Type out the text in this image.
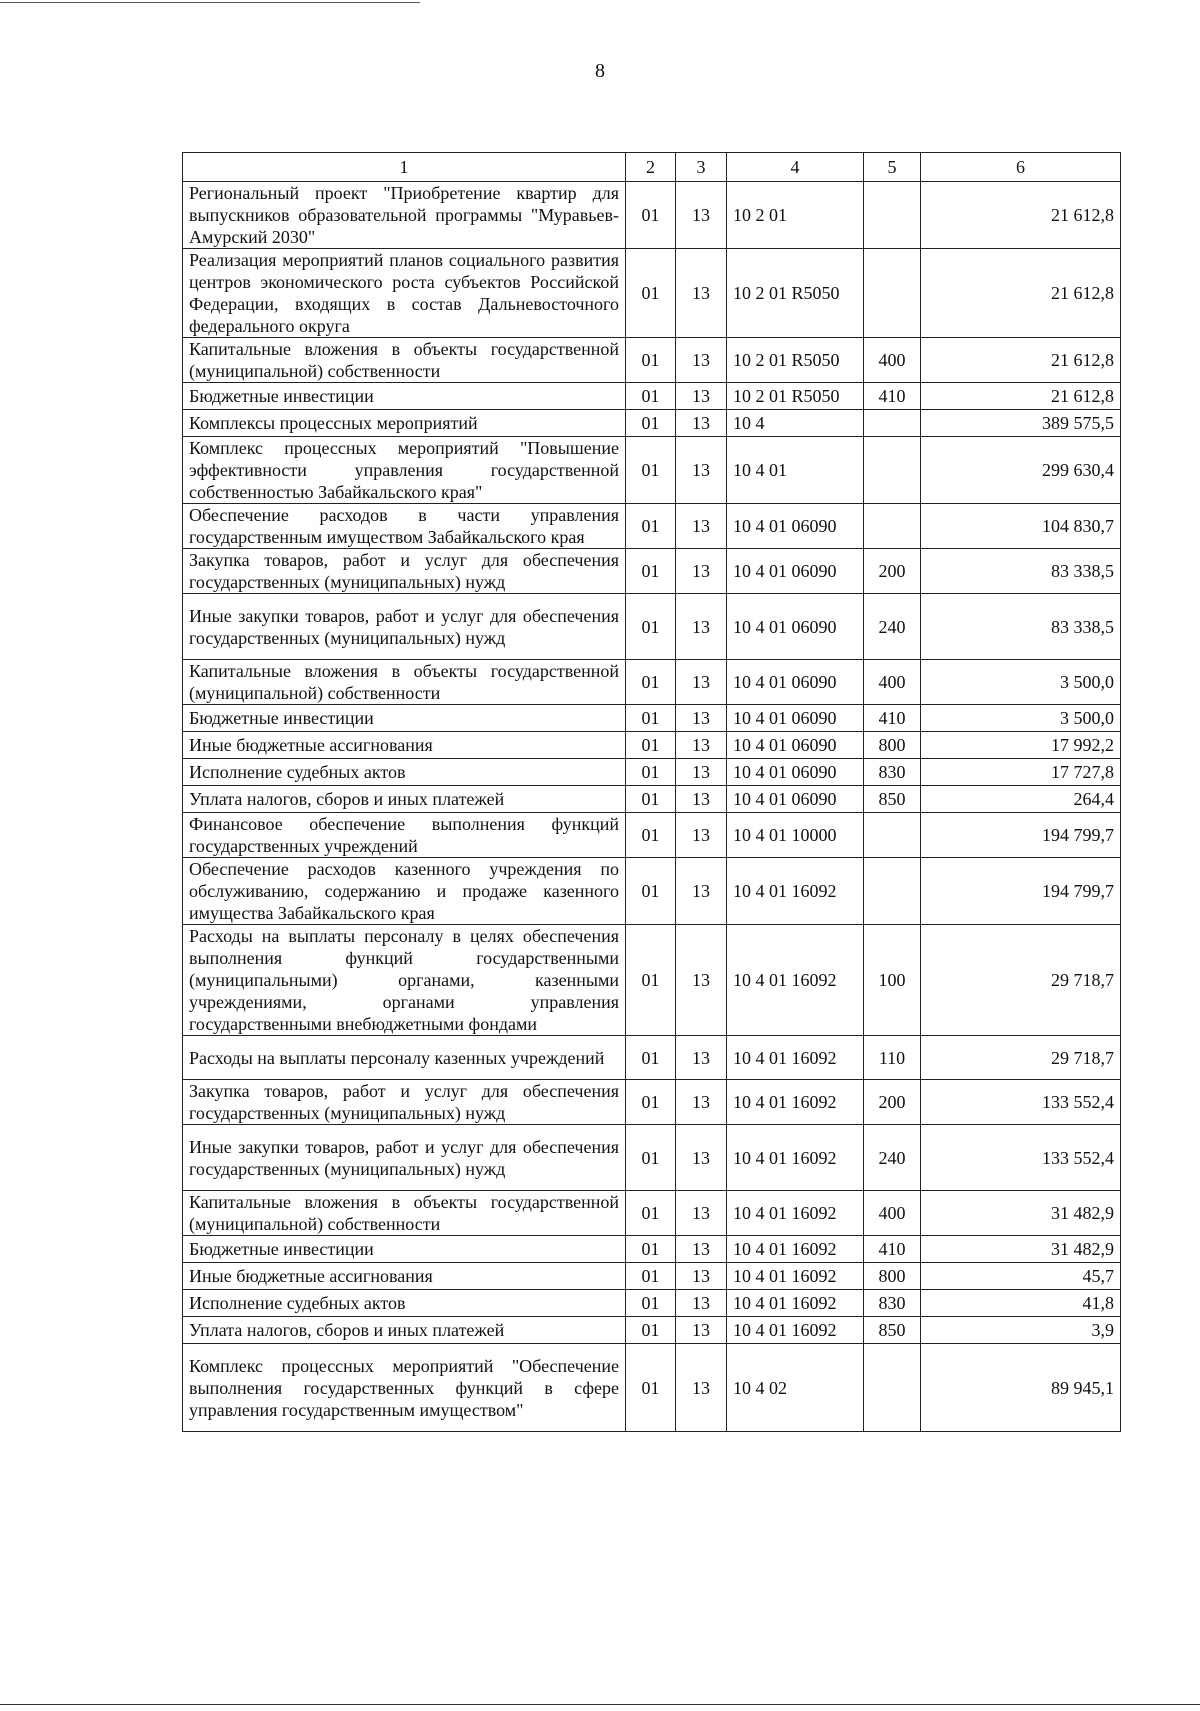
8
1	2	3	4	5	6
Региональный проект "Приобретение квартир для выпускников образовательной программы "Муравьев-Амурский 2030"	01	13	10 2 01		21 612,8
Реализация мероприятий планов социального развития центров экономического роста субъектов Российской Федерации, входящих в состав Дальневосточного федерального округа	01	13	10 2 01 R5050		21 612,8
Капитальные вложения в объекты государственной (муниципальной) собственности	01	13	10 2 01 R5050	400	21 612,8
Бюджетные инвестиции	01	13	10 2 01 R5050	410	21 612,8
Комплексы процессных мероприятий	01	13	10 4		389 575,5
Комплекс процессных мероприятий "Повышение эффективности управления государственной собственностью Забайкальского края"	01	13	10 4 01		299 630,4
Обеспечение расходов в части управления государственным имуществом Забайкальского края	01	13	10 4 01 06090		104 830,7
Закупка товаров, работ и услуг для обеспечения государственных (муниципальных) нужд	01	13	10 4 01 06090	200	83 338,5
Иные закупки товаров, работ и услуг для обеспечения государственных (муниципальных) нужд	01	13	10 4 01 06090	240	83 338,5
Капитальные вложения в объекты государственной (муниципальной) собственности	01	13	10 4 01 06090	400	3 500,0
Бюджетные инвестиции	01	13	10 4 01 06090	410	3 500,0
Иные бюджетные ассигнования	01	13	10 4 01 06090	800	17 992,2
Исполнение судебных актов	01	13	10 4 01 06090	830	17 727,8
Уплата налогов, сборов и иных платежей	01	13	10 4 01 06090	850	264,4
Финансовое обеспечение выполнения функций государственных учреждений	01	13	10 4 01 10000		194 799,7
Обеспечение расходов казенного учреждения по обслуживанию, содержанию и продаже казенного имущества Забайкальского края	01	13	10 4 01 16092		194 799,7
Расходы на выплаты персоналу в целях обеспечения выполнения функций государственными (муниципальными) органами, казенными учреждениями, органами управления государственными внебюджетными фондами	01	13	10 4 01 16092	100	29 718,7
Расходы на выплаты персоналу казенных учреждений	01	13	10 4 01 16092	110	29 718,7
Закупка товаров, работ и услуг для обеспечения государственных (муниципальных) нужд	01	13	10 4 01 16092	200	133 552,4
Иные закупки товаров, работ и услуг для обеспечения государственных (муниципальных) нужд	01	13	10 4 01 16092	240	133 552,4
Капитальные вложения в объекты государственной (муниципальной) собственности	01	13	10 4 01 16092	400	31 482,9
Бюджетные инвестиции	01	13	10 4 01 16092	410	31 482,9
Иные бюджетные ассигнования	01	13	10 4 01 16092	800	45,7
Исполнение судебных актов	01	13	10 4 01 16092	830	41,8
Уплата налогов, сборов и иных платежей	01	13	10 4 01 16092	850	3,9
Комплекс процессных мероприятий "Обеспечение выполнения государственных функций в сфере управления государственным имуществом"	01	13	10 4 02		89 945,1
